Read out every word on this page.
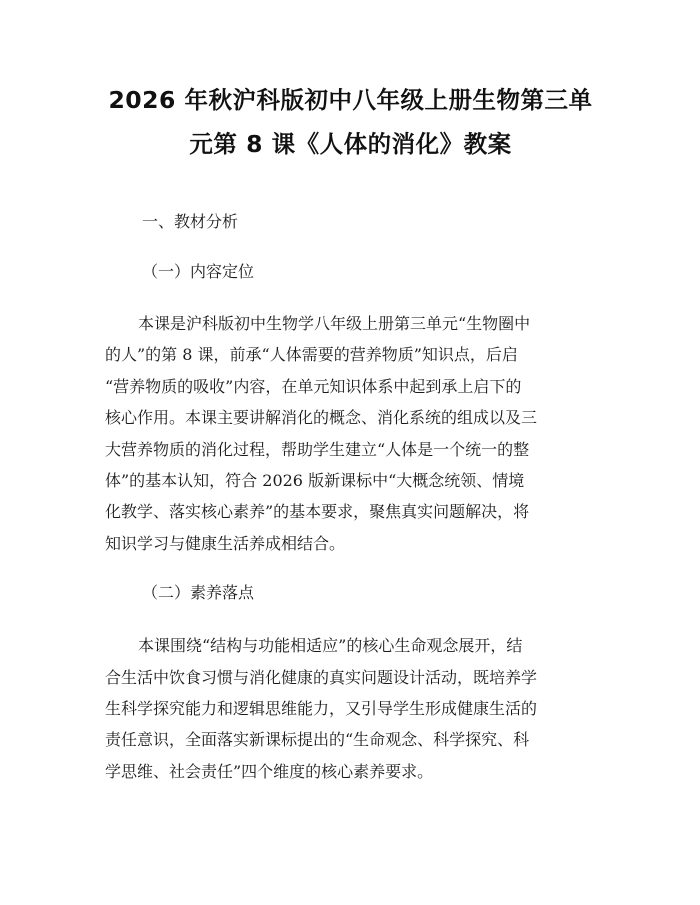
2026 年秋沪科版初中八年级上册生物第三单
元第 8 课《人体的消化》教案

一、教材分析

（一）内容定位

本课是沪科版初中生物学八年级上册第三单元“生物圈中
的人”的第 8 课，前承“人体需要的营养物质”知识点，后启
“营养物质的吸收”内容，在单元知识体系中起到承上启下的
核心作用。本课主要讲解消化的概念、消化系统的组成以及三
大营养物质的消化过程，帮助学生建立“人体是一个统一的整
体”的基本认知，符合 2026 版新课标中“大概念统领、情境
化教学、落实核心素养”的基本要求，聚焦真实问题解决，将
知识学习与健康生活养成相结合。

（二）素养落点

本课围绕“结构与功能相适应”的核心生命观念展开，结
合生活中饮食习惯与消化健康的真实问题设计活动，既培养学
生科学探究能力和逻辑思维能力，又引导学生形成健康生活的
责任意识，全面落实新课标提出的“生命观念、科学探究、科
学思维、社会责任”四个维度的核心素养要求。
